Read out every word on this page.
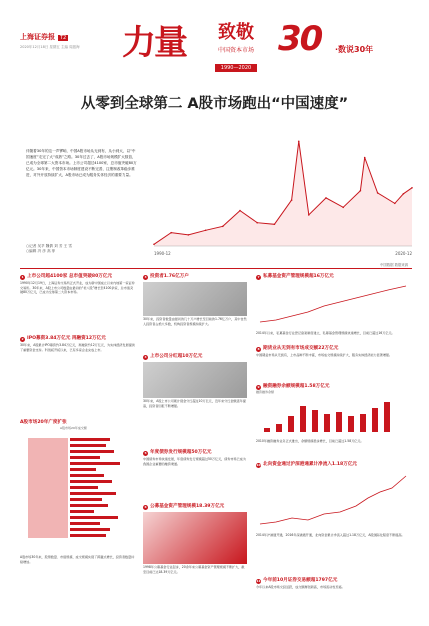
上海证券报 T2
2020年12月18日 星期五 主编 周振海	力量	致敬
中国资本市场
1990—2020
30 ·数说30年
从零到全球第二 A股市场跑出“中国速度”
伴随着30年的这一声锣响，中国A股市场从无到有，从小到大，以“中国速度”走完了大“成熟”之路。30年过去了，A股市场规模扩大数倍，已成为全球第二大资本市场。上市公司超过4100家，总市值突破80万亿元。30年来，中国资本市场制度建设不断完善，注册制改革稳步推进，对外开放持续扩大，A股市场已成为服务实体经济的重要力量。
○记者 吴芊 魏倩 刘 芳 王 雪
○编辑 冯 彦 高 菲	1990-12	2020-12
中国数据 数据来源
1 上市公司超4100家 总市值突破80万亿元
1990年12月19日，上海证券交易所正式开业，成为新中国成立以来内地第一家证券交易所。30年来，A股上市公司数量由最初的“老八股”增长至4100余家，总市值突破80万亿元，已成为全球第二大资本市场。
2 IPO募资3.84万亿元 再融资12万亿元
30年来，A股累计IPO募资约3.84万亿元，再融资约12万亿元，为实体经济发展提供了重要资金支持。科创板开板以来，已有多家企业完成上市。
A股市场20年广度扩张
A股市场20年成交额
A股市场30年来，股票数量、市值规模、成交规模实现了跨越式增长，投资者数量持续增加。
3 投资者1.76亿万户
30年来，投资者数量由最初的几十万户增长至目前的1.76亿万户，其中自然人投资者占绝大多数，机构投资者规模持续扩大。
4 上市公司分红超10万亿元
30年来，A股上市公司累计现金分红超过10万亿元，近年来分红金额逐年提高，投资者回报不断增强。
5 年度债券发行规模超50万亿元
中国债券市场快速发展，年度债券发行规模超过50万亿元，债券市场已成为我国企业重要的融资渠道。
6 公募基金资产管理规模18.39万亿元
1998年公募基金行业起步，20余年来公募基金资产管理规模不断扩大，截至目前已达18.39万亿元。
7 私募基金资产管理规模超16万亿元
2014年以来，私募基金行业登记备案制度建立，私募基金管理规模快速增长，目前已超过16万亿元。
8 期货业从无到有市场成交额22万亿元
中国期货市场从无到有，上市品种不断丰富，市场成交规模持续扩大，服务实体经济能力显著增强。
9 融资融券余额规模超1.58万亿元
融资融券余额
2010年融资融券业务正式推出，余额规模稳步增长，目前已超过1.58万亿元。
10 北向资金通过沪深港通累计净流入1.18万亿元
2014年沪港通开通，2016年深港通开通，北向资金累计净流入超过1.18万亿元，A股国际化程度不断提高。
11 今年前10月证券交易额超1797亿元
今年以来A股市场交投活跃，成交额屡创新高，市场流动性充裕。
